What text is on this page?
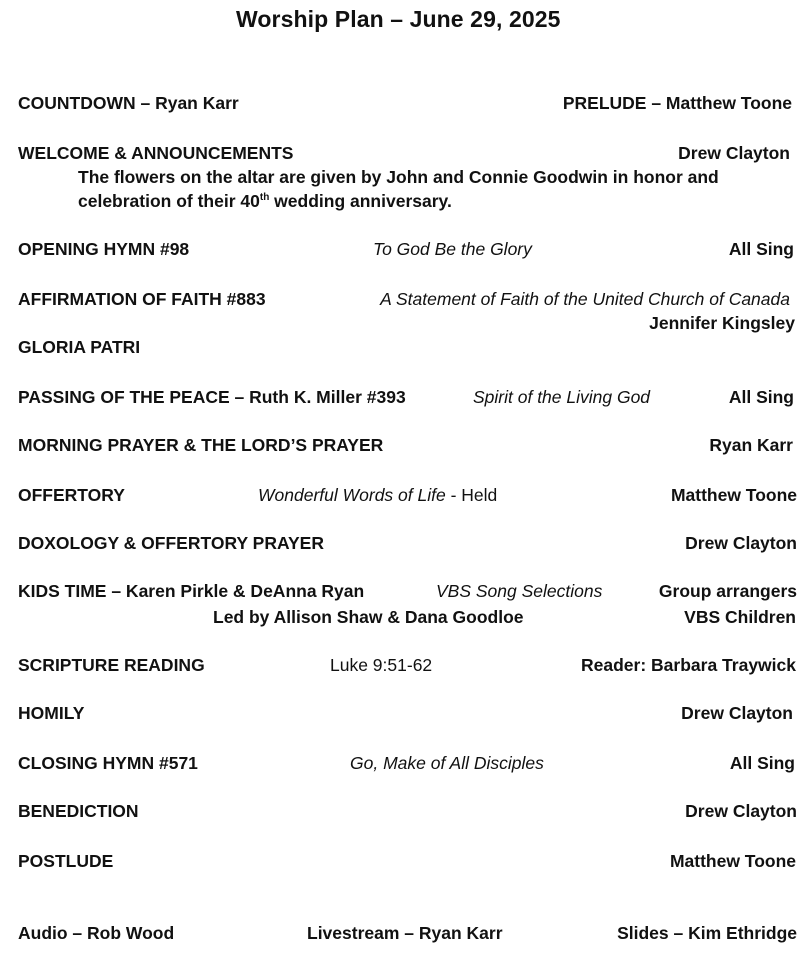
Worship Plan – June 29, 2025
COUNTDOWN – Ryan Karr	PRELUDE – Matthew Toone
WELCOME & ANNOUNCEMENTS	Drew Clayton
The flowers on the altar are given by John and Connie Goodwin in honor and
celebration of their 40th wedding anniversary.
OPENING HYMN #98	To God Be the Glory	All Sing
AFFIRMATION OF FAITH #883	A Statement of Faith of the United Church of Canada
Jennifer Kingsley
GLORIA PATRI
PASSING OF THE PEACE – Ruth K. Miller #393	Spirit of the Living God	All Sing
MORNING PRAYER & THE LORD’S PRAYER	Ryan Karr
OFFERTORY	Wonderful Words of Life - Held	Matthew Toone
DOXOLOGY & OFFERTORY PRAYER	Drew Clayton
KIDS TIME – Karen Pirkle & DeAnna Ryan	VBS Song Selections	Group arrangers
Led by Allison Shaw & Dana Goodloe	VBS Children
SCRIPTURE READING	Luke 9:51-62	Reader: Barbara Traywick
HOMILY	Drew Clayton
CLOSING HYMN #571	Go, Make of All Disciples	All Sing
BENEDICTION	Drew Clayton
POSTLUDE	Matthew Toone
Audio – Rob Wood	Livestream – Ryan Karr	Slides – Kim Ethridge
